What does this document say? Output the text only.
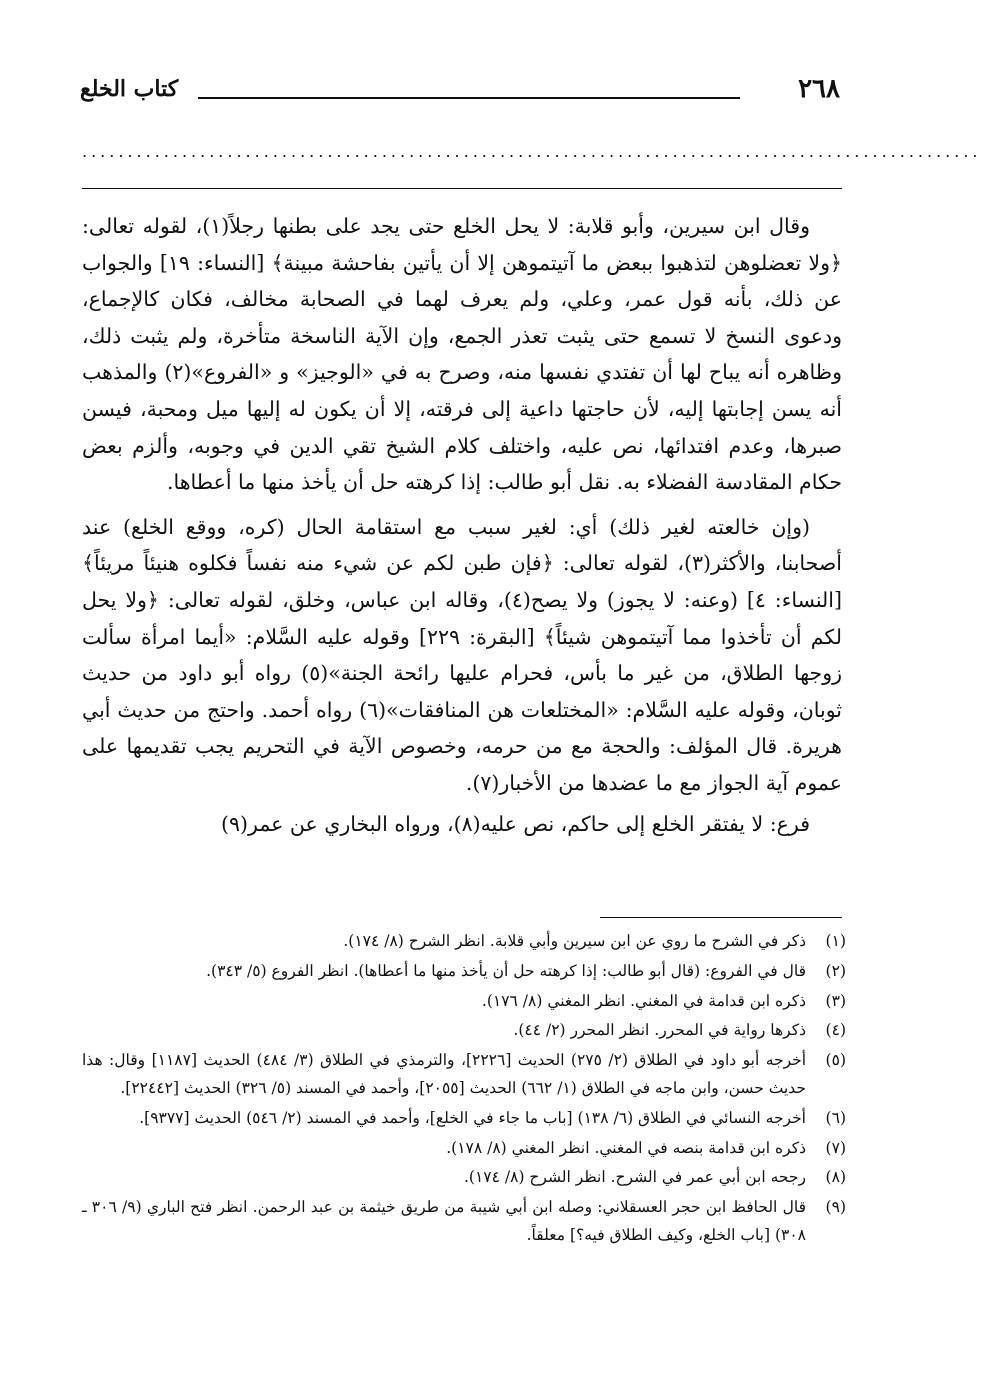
٢٦٨
كتاب الخلع
...................................................................................................

وقال ابن سيرين، وأبو قلابة: لا يحل الخلع حتى يجد على بطنها رجلاً(١)، لقوله تعالى: ﴿ولا تعضلوهن لتذهبوا ببعض ما آتيتموهن إلا أن يأتين بفاحشة مبينة﴾ [النساء: ١٩] والجواب عن ذلك، بأنه قول عمر، وعلي، ولم يعرف لهما في الصحابة مخالف، فكان كالإجماع، ودعوى النسخ لا تسمع حتى يثبت تعذر الجمع، وإن الآية الناسخة متأخرة، ولم يثبت ذلك، وظاهره أنه يباح لها أن تفتدي نفسها منه، وصرح به في «الوجيز» و «الفروع»(٢) والمذهب أنه يسن إجابتها إليه، لأن حاجتها داعية إلى فرقته، إلا أن يكون له إليها ميل ومحبة، فيسن صبرها، وعدم افتدائها، نص عليه، واختلف كلام الشيخ تقي الدين في وجوبه، وألزم بعض حكام المقادسة الفضلاء به. نقل أبو طالب: إذا كرهته حل أن يأخذ منها ما أعطاها.

(وإن خالعته لغير ذلك) أي: لغير سبب مع استقامة الحال (كره، ووقع الخلع) عند أصحابنا، والأكثر(٣)، لقوله تعالى: ﴿فإن طبن لكم عن شيء منه نفساً فكلوه هنيئاً مريئاً﴾ [النساء: ٤] (وعنه: لا يجوز) ولا يصح(٤)، وقاله ابن عباس، وخلق، لقوله تعالى: ﴿ولا يحل لكم أن تأخذوا مما آتيتموهن شيئاً﴾ [البقرة: ٢٢٩] وقوله عليه السَّلام: «أيما امرأة سألت زوجها الطلاق، من غير ما بأس، فحرام عليها رائحة الجنة»(٥) رواه أبو داود من حديث ثوبان، وقوله عليه السَّلام: «المختلعات هن المنافقات»(٦) رواه أحمد. واحتج من حديث أبي هريرة. قال المؤلف: والحجة مع من حرمه، وخصوص الآية في التحريم يجب تقديمها على عموم آية الجواز مع ما عضدها من الأخبار(٧).

فرع: لا يفتقر الخلع إلى حاكم، نص عليه(٨)، ورواه البخاري عن عمر(٩)

(١)
ذكر في الشرح ما روي عن ابن سيرين وأبي قلابة. انظر الشرح (٨/ ١٧٤).
(٢)
قال في الفروع: (قال أبو طالب: إذا كرهته حل أن يأخذ منها ما أعطاها). انظر الفروع (٥/ ٣٤٣).
(٣)
ذكره ابن قدامة في المغني. انظر المغني (٨/ ١٧٦).
(٤)
ذكرها رواية في المحرر. انظر المحرر (٢/ ٤٤).
(٥)
أخرجه أبو داود في الطلاق (٢/ ٢٧٥) الحديث [٢٢٢٦]، والترمذي في الطلاق (٣/ ٤٨٤) الحديث [١١٨٧] وقال: هذا حديث حسن، وابن ماجه في الطلاق (١/ ٦٦٢) الحديث [٢٠٥٥]، وأحمد في المسند (٥/ ٣٢٦) الحديث [٢٢٤٤٢].
(٦)
أخرجه النسائي في الطلاق (٦/ ١٣٨) [باب ما جاء في الخلع]، وأحمد في المسند (٢/ ٥٤٦) الحديث [٩٣٧٧].
(٧)
ذكره ابن قدامة بنصه في المغني. انظر المغني (٨/ ١٧٨).
(٨)
رجحه ابن أبي عمر في الشرح. انظر الشرح (٨/ ١٧٤).
(٩)
قال الحافظ ابن حجر العسقلاني: وصله ابن أبي شيبة من طريق خيثمة بن عبد الرحمن. انظر فتح الباري (٩/ ٣٠٦ ـ ٣٠٨) [باب الخلع، وكيف الطلاق فيه؟] معلقاً.
